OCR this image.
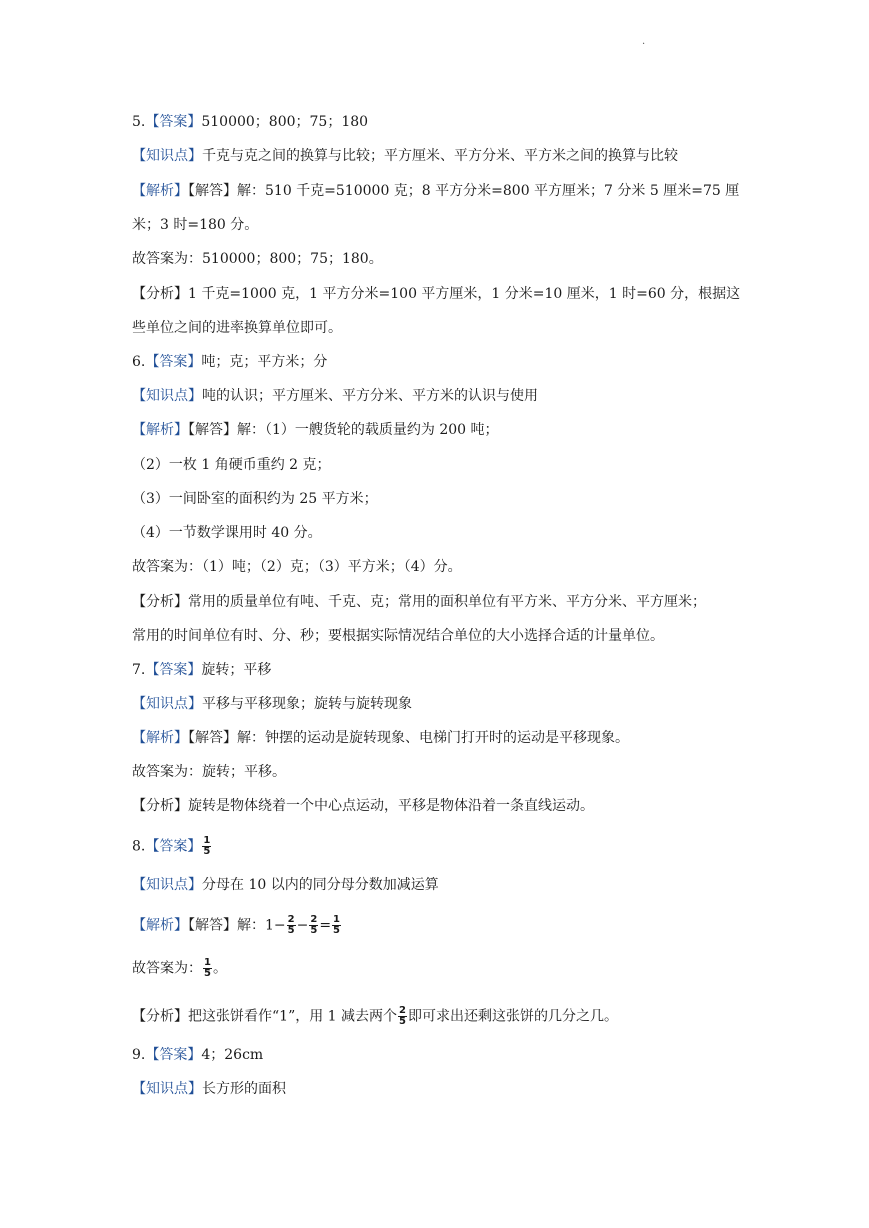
.
5.【答案】510000；800；75；180
【知识点】千克与克之间的换算与比较；平方厘米、平方分米、平方米之间的换算与比较
【解析】【解答】解：510 千克=510000 克；8 平方分米=800 平方厘米；7 分米 5 厘米=75 厘
米；3 时=180 分。
故答案为：510000；800；75；180。
【分析】1 千克=1000 克，1 平方分米=100 平方厘米，1 分米=10 厘米，1 时=60 分，根据这
些单位之间的进率换算单位即可。
6.【答案】吨；克；平方米；分
【知识点】吨的认识；平方厘米、平方分米、平方米的认识与使用
【解析】【解答】解：（1）一艘货轮的载质量约为 200 吨；
（2）一枚 1 角硬币重约 2 克；
（3）一间卧室的面积约为 25 平方米；
（4）一节数学课用时 40 分。
故答案为：（1）吨；（2）克；（3）平方米；（4）分。
【分析】常用的质量单位有吨、千克、克；常用的面积单位有平方米、平方分米、平方厘米；
常用的时间单位有时、分、秒；要根据实际情况结合单位的大小选择合适的计量单位。
7.【答案】旋转；平移
【知识点】平移与平移现象；旋转与旋转现象
【解析】【解答】解：钟摆的运动是旋转现象、电梯门打开时的运动是平移现象。
故答案为：旋转；平移。
【分析】旋转是物体绕着一个中心点运动，平移是物体沿着一条直线运动。
8.【答案】 $\frac{1}{5}$
【知识点】分母在 10 以内的同分母分数加减运算
【解析】【解答】解：$1- \frac{2}{5} - \frac{2}{5} = \frac{1}{5}$
故答案为： $\frac{1}{5}$ 。
【分析】把这张饼看作“1”，用 1 减去两个 $\frac{2}{5}$ 即可求出还剩这张饼的几分之几。
9.【答案】4；26cm
【知识点】长方形的面积
